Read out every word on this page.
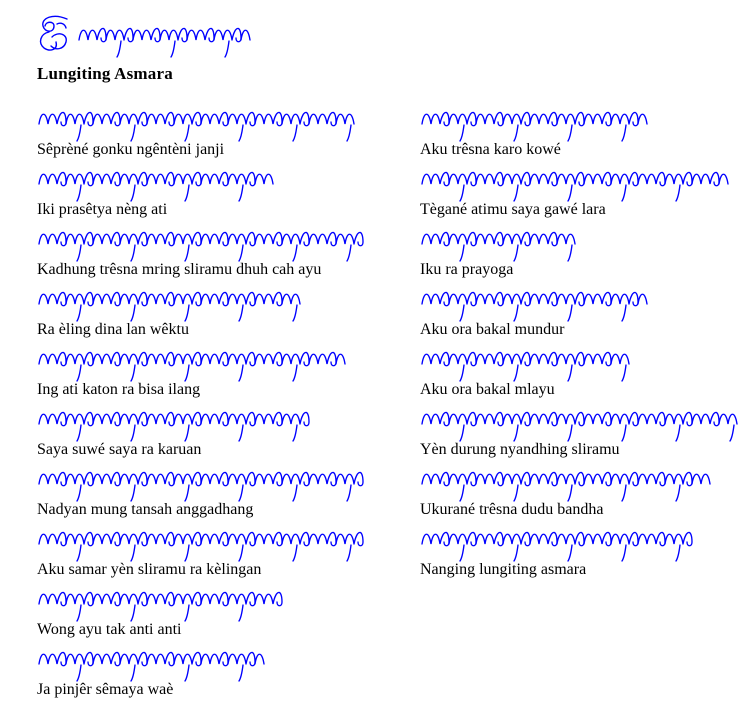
Lungiting Asmara
Sêprèné gonku ngêntèni janji
Iki prasêtya nèng ati
Kadhung trêsna mring sliramu dhuh cah ayu
Ra èling dina lan wêktu
Ing ati katon ra bisa ilang
Saya suwé saya ra karuan
Nadyan mung tansah anggadhang
Aku samar yèn sliramu ra kèlingan
Wong ayu tak anti anti
Ja pinjêr sêmaya waè
Aku trêsna karo kowé
Tègané atimu saya gawé lara
Iku ra prayoga
Aku ora bakal mundur
Aku ora bakal mlayu
Yèn durung nyandhing sliramu
Ukurané trêsna dudu bandha
Nanging lungiting asmara
